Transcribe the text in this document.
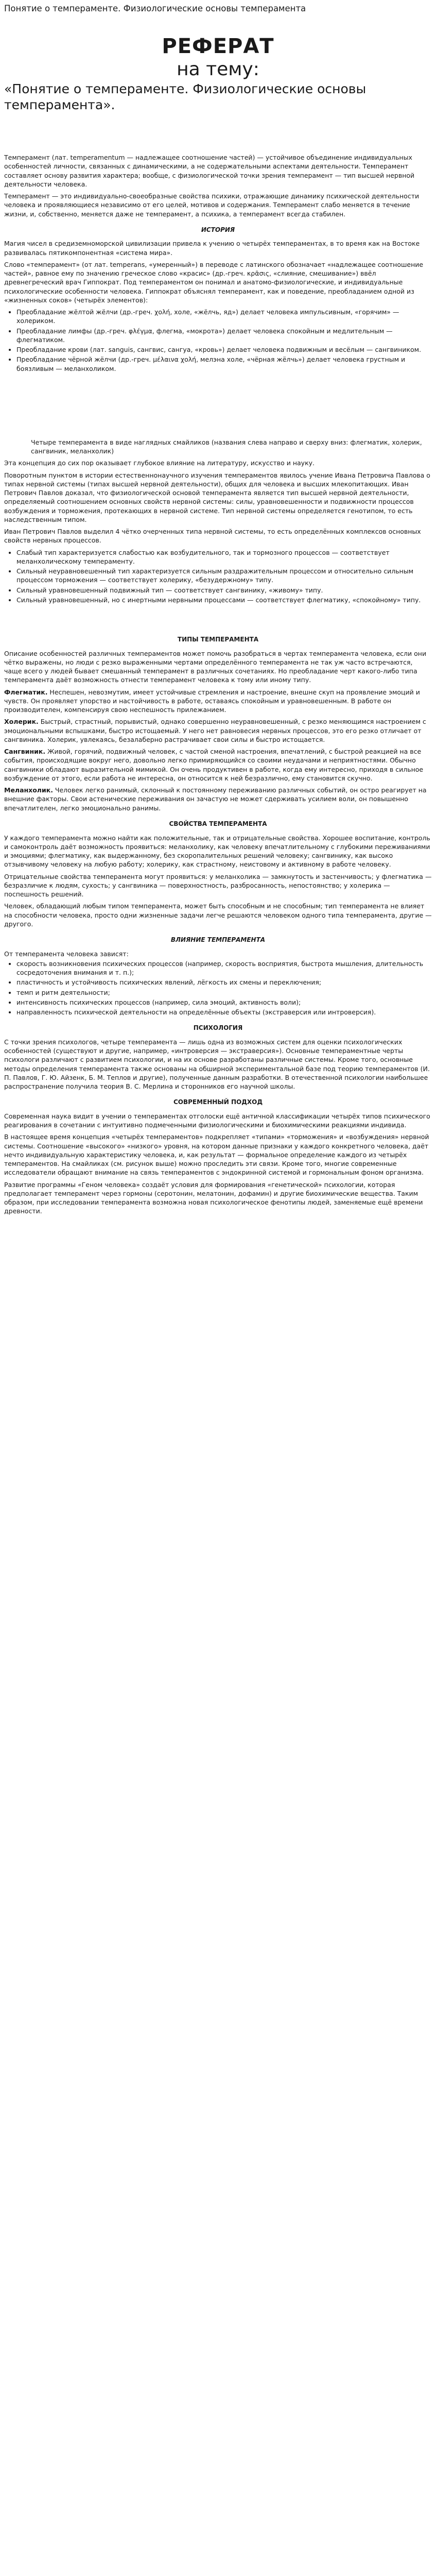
Понятие о темпераменте. Физиологические основы темперамента
РЕФЕРАТ
на тему:
«Понятие о темпераменте. Физиологические основы темперамента».

Темперамент (лат. temperamentum — надлежащее соотношение частей) — устойчивое объединение индивидуальных особенностей личности, связанных с динамическими, а не содержательными аспектами деятельности. Темперамент составляет основу развития характера; вообще, с физиологической точки зрения темперамент — тип высшей нервной деятельности человека.

Темперамент — это индивидуально-своеобразные свойства психики, отражающие динамику психической деятельности человека и проявляющиеся независимо от его целей, мотивов и содержания. Темперамент слабо меняется в течение жизни, и, собственно, меняется даже не темперамент, а психика, а темперамент всегда стабилен.

ИСТОРИЯ

Магия чисел в средиземноморской цивилизации привела к учению о четырёх темпераментах, в то время как на Востоке развивалась пятикомпонентная «система мира».

Слово «темперамент» (от лат. temperans, «умеренный») в переводе с латинского обозначает «надлежащее соотношение частей», равное ему по значению греческое слово «красис» (др.-греч. κρᾶσις, «слияние, смешивание») ввёл древнегреческий врач Гиппократ. Под темпераментом он понимал и анатомо-физиологические, и индивидуальные психологические особенности человека. Гиппократ объяснял темперамент, как и поведение, преобладанием одной из «жизненных соков» (четырёх элементов):

• Преобладание жёлтой жёлчи (др.-греч. χολή, холе, «жёлчь, яд») делает человека импульсивным, «горячим» — холериком.
• Преобладание лимфы (др.-греч. φλέγμα, флегма, «мокрота») делает человека спокойным и медлительным — флегматиком.
• Преобладание крови (лат. sanguis, сангвис, сангуа, «кровь») делает человека подвижным и весёлым — сангвиником.
• Преобладание чёрной жёлчи (др.-греч. μέλαινα χολή, мелэна холе, «чёрная жёлчь») делает человека грустным и боязливым — меланхоликом.

Четыре темперамента в виде наглядных смайликов (названия слева направо и сверху вниз: флегматик, холерик, сангвиник, меланхолик)

Эта концепция до сих пор оказывает глубокое влияние на литературу, искусство и науку.

Поворотным пунктом в истории естественнонаучного изучения темпераментов явилось учение Ивана Петровича Павлова о типах нервной системы (типах высшей нервной деятельности), общих для человека и высших млекопитающих. Иван Петрович Павлов доказал, что физиологической основой темперамента является тип высшей нервной деятельности, определяемый соотношением основных свойств нервной системы: силы, уравновешенности и подвижности процессов возбуждения и торможения, протекающих в нервной системе. Тип нервной системы определяется генотипом, то есть наследственным типом.

Иван Петрович Павлов выделил 4 чётко очерченных типа нервной системы, то есть определённых комплексов основных свойств нервных процессов.

• Слабый тип характеризуется слабостью как возбудительного, так и тормозного процессов — соответствует меланхолическому темпераменту.
• Сильный неуравновешенный тип характеризуется сильным раздражительным процессом и относительно сильным процессом торможения — соответствует холерику, «безудержному» типу.
• Сильный уравновешенный подвижный тип — соответствует сангвинику, «живому» типу.
• Сильный уравновешенный, но с инертными нервными процессами — соответствует флегматику, «спокойному» типу.
ТИПЫ ТЕМПЕРАМЕНТА

Описание особенностей различных темпераментов может помочь разобраться в чертах темперамента человека, если они чётко выражены, но люди с резко выраженными чертами определённого темперамента не так уж часто встречаются, чаще всего у людей бывает смешанный темперамент в различных сочетаниях. Но преобладание черт какого-либо типа темперамента даёт возможность отнести темперамент человека к тому или иному типу.

Флегматик. Неспешен, невозмутим, имеет устойчивые стремления и настроение, внешне скуп на проявление эмоций и чувств. Он проявляет упорство и настойчивость в работе, оставаясь спокойным и уравновешенным. В работе он производителен, компенсируя свою неспешность прилежанием.

Холерик. Быстрый, страстный, порывистый, однако совершенно неуравновешенный, с резко меняющимся настроением с эмоциональными вспышками, быстро истощаемый. У него нет равновесия нервных процессов, это его резко отличает от сангвиника. Холерик, увлекаясь, безалаберно растрачивает свои силы и быстро истощается.

Сангвиник. Живой, горячий, подвижный человек, с частой сменой настроения, впечатлений, с быстрой реакцией на все события, происходящие вокруг него, довольно легко примиряющийся со своими неудачами и неприятностями. Обычно сангвиники обладают выразительной мимикой. Он очень продуктивен в работе, когда ему интересно, приходя в сильное возбуждение от этого, если работа не интересна, он относится к ней безразлично, ему становится скучно.

Меланхолик. Человек легко ранимый, склонный к постоянному переживанию различных событий, он остро реагирует на внешние факторы. Свои астенические переживания он зачастую не может сдерживать усилием воли, он повышенно впечатлителен, легко эмоционально ранимы.

СВОЙСТВА ТЕМПЕРАМЕНТА

У каждого темперамента можно найти как положительные, так и отрицательные свойства. Хорошее воспитание, контроль и самоконтроль даёт возможность проявиться: меланхолику, как человеку впечатлительному с глубокими переживаниями и эмоциями; флегматику, как выдержанному, без скоропалительных решений человеку; сангвинику, как высоко отзывчивому человеку на любую работу; холерику, как страстному, неистовому и активному в работе человеку.

Отрицательные свойства темперамента могут проявиться: у меланхолика — замкнутость и застенчивость; у флегматика — безразличие к людям, сухость; у сангвиника — поверхностность, разбросанность, непостоянство; у холерика — поспешность решений.

Человек, обладающий любым типом темперамента, может быть способным и не способным; тип темперамента не влияет на способности человека, просто одни жизненные задачи легче решаются человеком одного типа темперамента, другие — другого.

ВЛИЯНИЕ ТЕМПЕРАМЕНТА

От темперамента человека зависят:

• скорость возникновения психических процессов (например, скорость восприятия, быстрота мышления, длительность сосредоточения внимания и т. п.);
• пластичность и устойчивость психических явлений, лёгкость их смены и переключения;
• темп и ритм деятельности;
• интенсивность психических процессов (например, сила эмоций, активность воли);
• направленность психической деятельности на определённые объекты (экстраверсия или интроверсия).
ПСИХОЛОГИЯ

С точки зрения психологов, четыре темперамента — лишь одна из возможных систем для оценки психологических особенностей (существуют и другие, например, «интроверсия — экстраверсия»). Основные темпераментные черты психологи различают с развитием психологии, и на их основе разработаны различные системы. Кроме того, основные методы определения темперамента также основаны на обширной экспериментальной базе под теорию темпераментов (И. П. Павлов, Г. Ю. Айзенк, Б. М. Теплов и другие), полученные данным разработки. В отечественной психологии наибольшее распространение получила теория В. С. Мерлина и сторонников его научной школы.

СОВРЕМЕННЫЙ ПОДХОД

Современная наука видит в учении о темпераментах отголоски ещё античной классификации четырёх типов психического реагирования в сочетании с интуитивно подмеченными физиологическими и биохимическими реакциями индивида.

В настоящее время концепция «четырёх темпераментов» подкрепляет «типами» «торможения» и «возбуждения» нервной системы. Соотношение «высокого» «низкого» уровня, на котором данные признаки у каждого конкретного человека, даёт нечто индивидуальную характеристику человека, и, как результат — формальное определение каждого из четырёх темпераментов. На смайликах (см. рисунок выше) можно проследить эти связи. Кроме того, многие современные исследователи обращают внимание на связь темпераментов с эндокринной системой и гормональным фоном организма.

Развитие программы «Геном человека» создаёт условия для формирования «генетической» психологии, которая предполагает темперамент через гормоны (серотонин, мелатонин, дофамин) и другие биохимические вещества. Таким образом, при исследовании темперамента возможна новая психологическое фенотипы людей, заменяемые ещё времени древности.
